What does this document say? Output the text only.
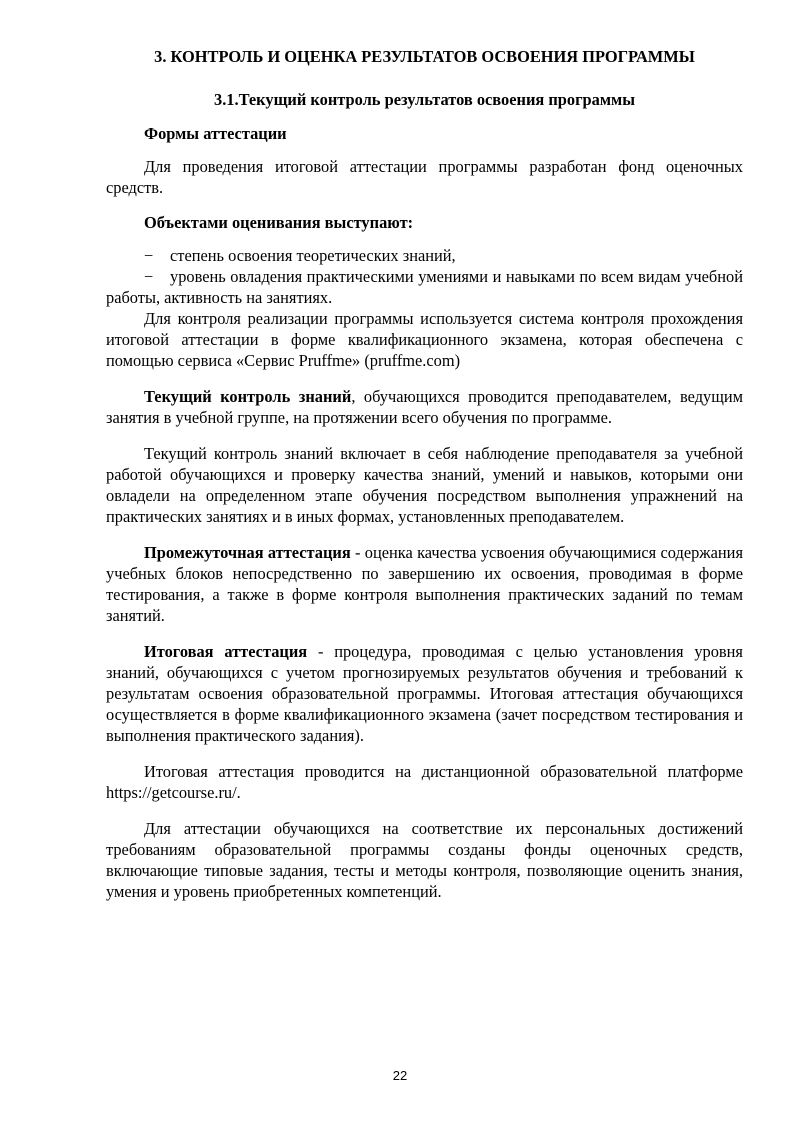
3. КОНТРОЛЬ И ОЦЕНКА РЕЗУЛЬТАТОВ ОСВОЕНИЯ ПРОГРАММЫ
3.1.Текущий контроль результатов освоения программы
Формы аттестации

Для проведения итоговой аттестации программы разработан фонд оценочных средств.

Объектами оценивания выступают:

− степень освоения теоретических знаний,

− уровень овладения практическими умениями и навыками по всем видам учебной работы, активность на занятиях.

Для контроля реализации программы используется система контроля прохождения итоговой аттестации в форме квалификационного экзамена, которая обеспечена с помощью сервиса «Сервис Pruffme» (pruffme.com)

Текущий контроль знаний, обучающихся проводится преподавателем, ведущим занятия в учебной группе, на протяжении всего обучения по программе.

Текущий контроль знаний включает в себя наблюдение преподавателя за учебной работой обучающихся и проверку качества знаний, умений и навыков, которыми они овладели на определенном этапе обучения посредством выполнения упражнений на практических занятиях и в иных формах, установленных преподавателем.

Промежуточная аттестация - оценка качества усвоения обучающимися содержания учебных блоков непосредственно по завершению их освоения, проводимая в форме тестирования, а также в форме контроля выполнения практических заданий по темам занятий.

Итоговая аттестация - процедура, проводимая с целью установления уровня знаний, обучающихся с учетом прогнозируемых результатов обучения и требований к результатам освоения образовательной программы. Итоговая аттестация обучающихся осуществляется в форме квалификационного экзамена (зачет посредством тестирования и выполнения практического задания).

Итоговая аттестация проводится на дистанционной образовательной платформе https://getcourse.ru/.

Для аттестации обучающихся на соответствие их персональных достижений требованиям образовательной программы созданы фонды оценочных средств, включающие типовые задания, тесты и методы контроля, позволяющие оценить знания, умения и уровень приобретенных компетенций.

22
